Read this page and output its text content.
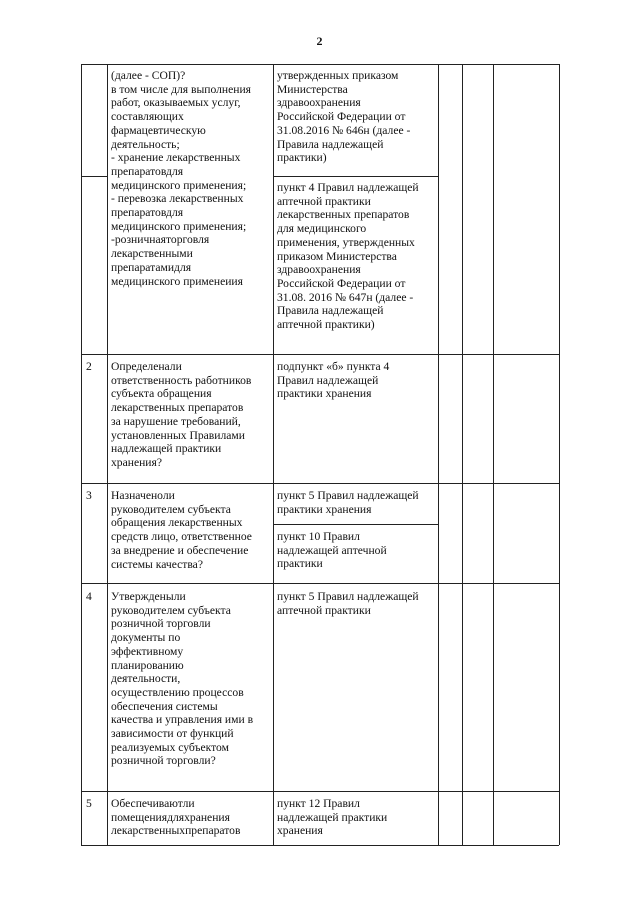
2
(далее - СОП)?
в том числе для выполнения
работ, оказываемых услуг,
составляющих
фармацевтическую
деятельность;
- хранение лекарственных
препаратовдля
медицинского применения;
- перевозка лекарственных
препаратовдля
медицинского применения;
-розничнаяторговля
лекарственными
препаратамидля
медицинского применеиия
утвержденных приказом
Министерства
здравоохранения
Российской Федерации от
31.08.2016 № 646н (далее -
Правила надлежащей
практики)
пункт 4 Правил надлежащей
аптечной практики
лекарственных препаратов
для медицинского
применения, утвержденных
приказом Министерства
здравоохранения
Российской Федерации от
31.08. 2016 № 647н (далее -
Правила надлежащей
аптечной практики)
2 Определенали
ответственность работников
субъекта обращения
лекарственных препаратов
за нарушение требований,
установленных Правилами
надлежащей практики
хранения?
подпункт «б» пункта 4
Правил надлежащей
практики хранения
3 Назначеноли
руководителем субъекта
обращения лекарственных
средств лицо, ответственное
за внедрение и обеспечение
системы качества?
пункт 5 Правил надлежащей
практики хранения
пункт 10 Правил
надлежащей аптечной
практики
4 Утвержденыли
руководителем субъекта
розничной торговли
документы по
эффективному
планированию
деятельности,
осуществлению процессов
обеспечения системы
качества и управления ими в
зависимости от функций
реализуемых субъектом
розничной торговли?
пункт 5 Правил надлежащей
аптечной практики
5 Обеспечиваютли
помещениядляхранения
лекарственныхпрепаратов
пункт 12 Правил
надлежащей практики
хранения
